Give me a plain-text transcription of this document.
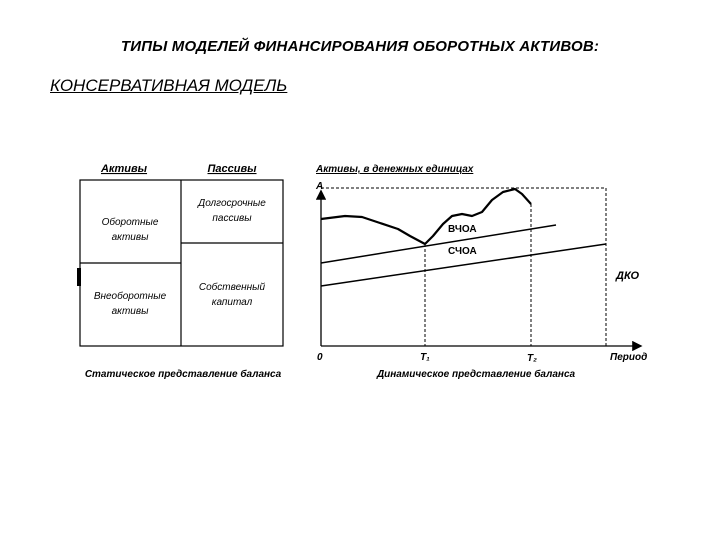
ТИПЫ МОДЕЛЕЙ ФИНАНСИРОВАНИЯ ОБОРОТНЫХ АКТИВОВ:
КОНСЕРВАТИВНАЯ МОДЕЛЬ
Активы	Пассивы
Оборотные
активы
Внеоборотные
активы
Долгосрочные
пассивы
Собственный
капитал
Статическое представление баланса
Активы, в денежных единицах
А
ВЧОА
СЧОА
ДКО
0	T₁	T₂	Период
Динамическое представление баланса
